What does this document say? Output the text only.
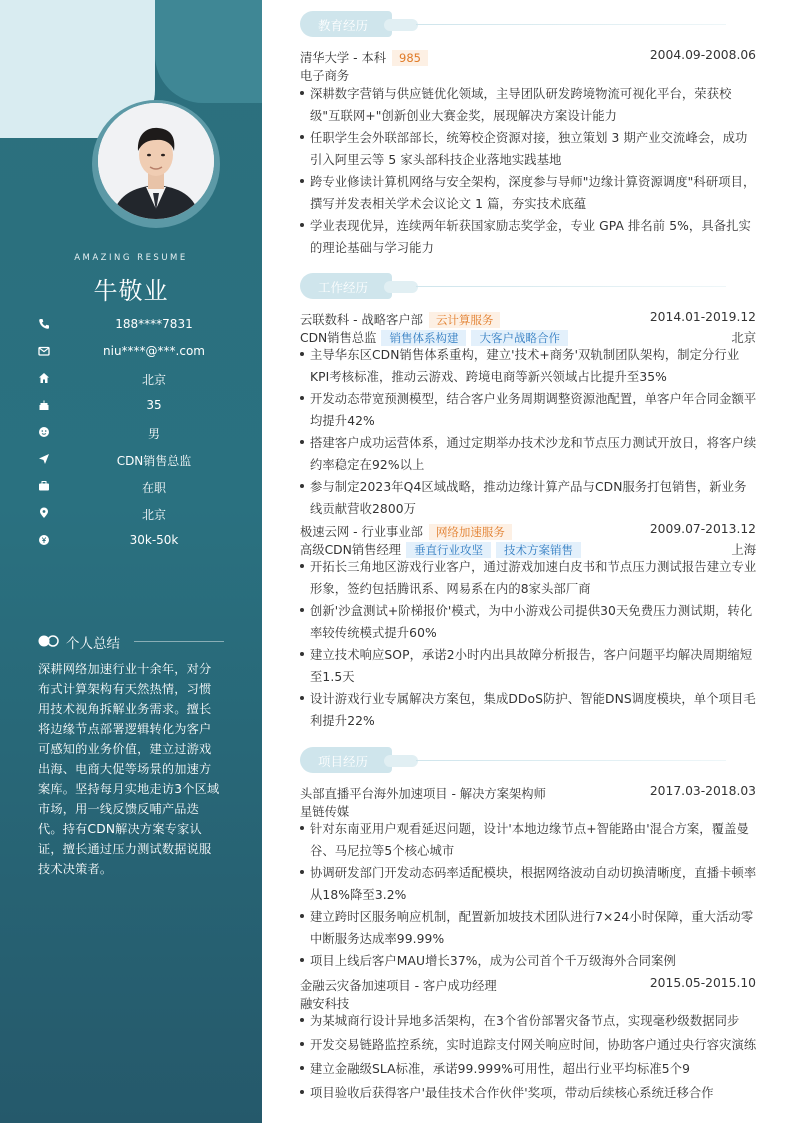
AMAZING RESUME
牛敬业
188****7831
niu****@***.com
北京
35
男
CDN销售总监
在职
北京
30k-50k
个人总结
深耕网络加速行业十余年，对分布式计算架构有天然热情，习惯用技术视角拆解业务需求。擅长将边缘节点部署逻辑转化为客户可感知的业务价值，建立过游戏出海、电商大促等场景的加速方案库。坚持每月实地走访3个区域市场，用一线反馈反哺产品迭代。持有CDN解决方案专家认证，擅长通过压力测试数据说服技术决策者。
教育经历
清华大学 - 本科 985	2004.09-2008.06
电子商务
深耕数字营销与供应链优化领域，主导团队研发跨境物流可视化平台，荣获校级"互联网+"创新创业大赛金奖，展现解决方案设计能力
任职学生会外联部部长，统筹校企资源对接，独立策划 3 期产业交流峰会，成功引入阿里云等 5 家头部科技企业落地实践基地
跨专业修读计算机网络与安全架构，深度参与导师"边缘计算资源调度"科研项目，撰写并发表相关学术会议论文 1 篇，夯实技术底蕴
学业表现优异，连续两年斩获国家励志奖学金，专业 GPA 排名前 5%，具备扎实的理论基础与学习能力
工作经历
云联数科 - 战略客户部 云计算服务	2014.01-2019.12
CDN销售总监 销售体系构建 大客户战略合作	北京
主导华东区CDN销售体系重构，建立'技术+商务'双轨制团队架构，制定分行业KPI考核标准，推动云游戏、跨境电商等新兴领域占比提升至35%
开发动态带宽预测模型，结合客户业务周期调整资源池配置，单客户年合同金额平均提升42%
搭建客户成功运营体系，通过定期举办技术沙龙和节点压力测试开放日，将客户续约率稳定在92%以上
参与制定2023年Q4区域战略，推动边缘计算产品与CDN服务打包销售，新业务线贡献营收2800万
极速云网 - 行业事业部 网络加速服务	2009.07-2013.12
高级CDN销售经理 垂直行业攻坚 技术方案销售	上海
开拓长三角地区游戏行业客户，通过游戏加速白皮书和节点压力测试报告建立专业形象，签约包括腾讯系、网易系在内的8家头部厂商
创新'沙盒测试+阶梯报价'模式，为中小游戏公司提供30天免费压力测试期，转化率较传统模式提升60%
建立技术响应SOP，承诺2小时内出具故障分析报告，客户问题平均解决周期缩短至1.5天
设计游戏行业专属解决方案包，集成DDoS防护、智能DNS调度模块，单个项目毛利提升22%
项目经历
头部直播平台海外加速项目 - 解决方案架构师	2017.03-2018.03
星链传媒
针对东南亚用户观看延迟问题，设计'本地边缘节点+智能路由'混合方案，覆盖曼谷、马尼拉等5个核心城市
协调研发部门开发动态码率适配模块，根据网络波动自动切换清晰度，直播卡顿率从18%降至3.2%
建立跨时区服务响应机制，配置新加坡技术团队进行7×24小时保障，重大活动零中断服务达成率99.99%
项目上线后客户MAU增长37%，成为公司首个千万级海外合同案例
金融云灾备加速项目 - 客户成功经理	2015.05-2015.10
融安科技
为某城商行设计异地多活架构，在3个省份部署灾备节点，实现毫秒级数据同步
开发交易链路监控系统，实时追踪支付网关响应时间，协助客户通过央行容灾演练
建立金融级SLA标准，承诺99.999%可用性，超出行业平均标准5个9
项目验收后获得客户'最佳技术合作伙伴'奖项，带动后续核心系统迁移合作
